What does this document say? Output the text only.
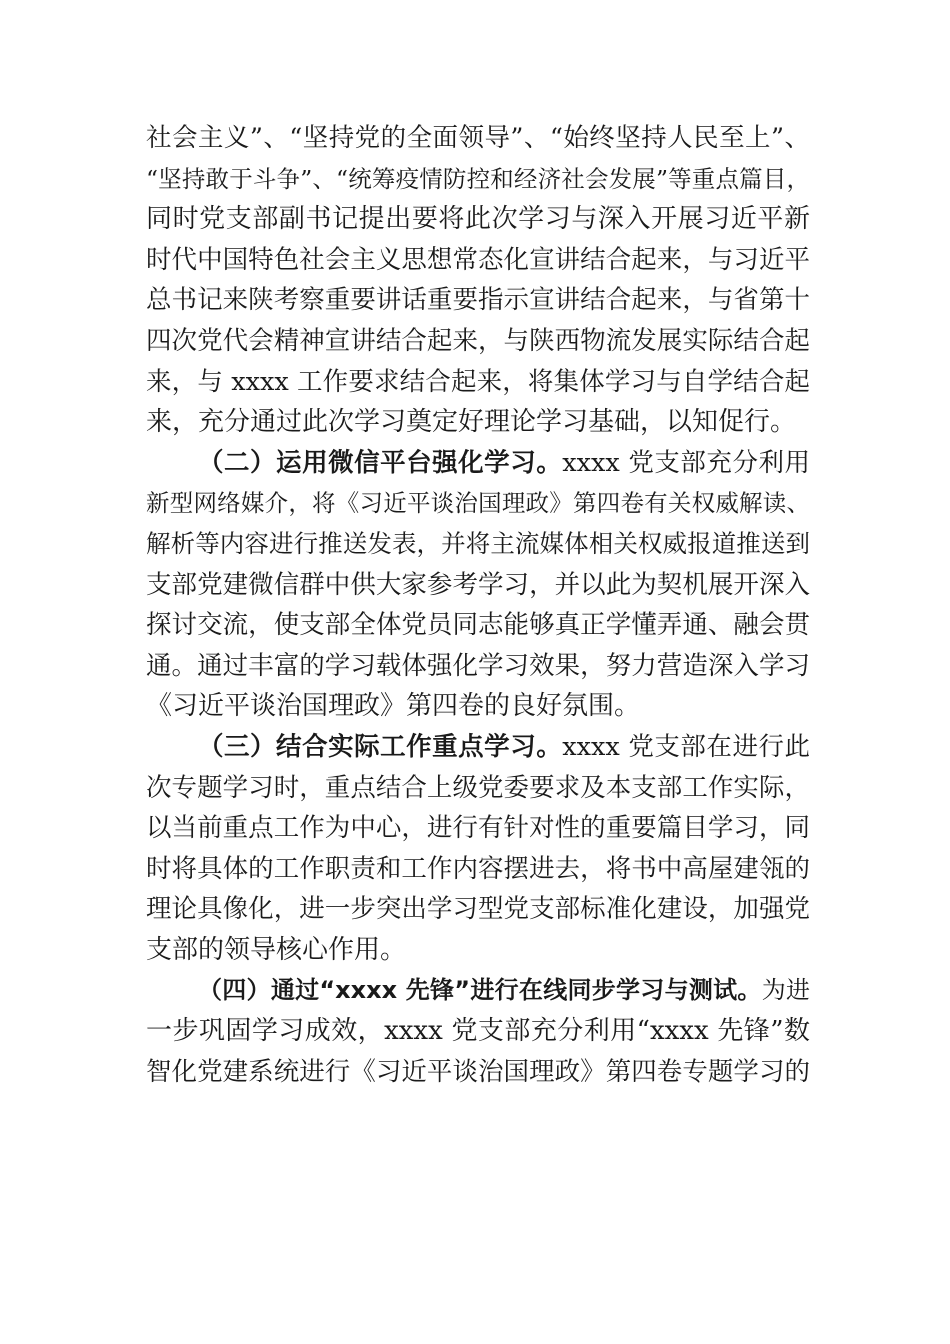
社会主义”、“坚持党的全面领导”、“始终坚持人民至上”、
“坚持敢于斗争”、“统筹疫情防控和经济社会发展”等重点篇目，
同时党支部副书记提出要将此次学习与深入开展习近平新
时代中国特色社会主义思想常态化宣讲结合起来，与习近平
总书记来陕考察重要讲话重要指示宣讲结合起来，与省第十
四次党代会精神宣讲结合起来，与陕西物流发展实际结合起
来，与 xxxx 工作要求结合起来，将集体学习与自学结合起
来，充分通过此次学习奠定好理论学习基础，以知促行。
（二）运用微信平台强化学习。xxxx 党支部充分利用
新型网络媒介，将《习近平谈治国理政》第四卷有关权威解读、
解析等内容进行推送发表，并将主流媒体相关权威报道推送到
支部党建微信群中供大家参考学习，并以此为契机展开深入
探讨交流，使支部全体党员同志能够真正学懂弄通、融会贯
通。通过丰富的学习载体强化学习效果，努力营造深入学习
《习近平谈治国理政》第四卷的良好氛围。
（三）结合实际工作重点学习。xxxx 党支部在进行此
次专题学习时，重点结合上级党委要求及本支部工作实际，
以当前重点工作为中心，进行有针对性的重要篇目学习，同
时将具体的工作职责和工作内容摆进去，将书中高屋建瓴的
理论具像化，进一步突出学习型党支部标准化建设，加强党
支部的领导核心作用。
（四）通过“xxxx 先锋”进行在线同步学习与测试。为进
一步巩固学习成效，xxxx 党支部充分利用“xxxx 先锋”数
智化党建系统进行《习近平谈治国理政》第四卷专题学习的
